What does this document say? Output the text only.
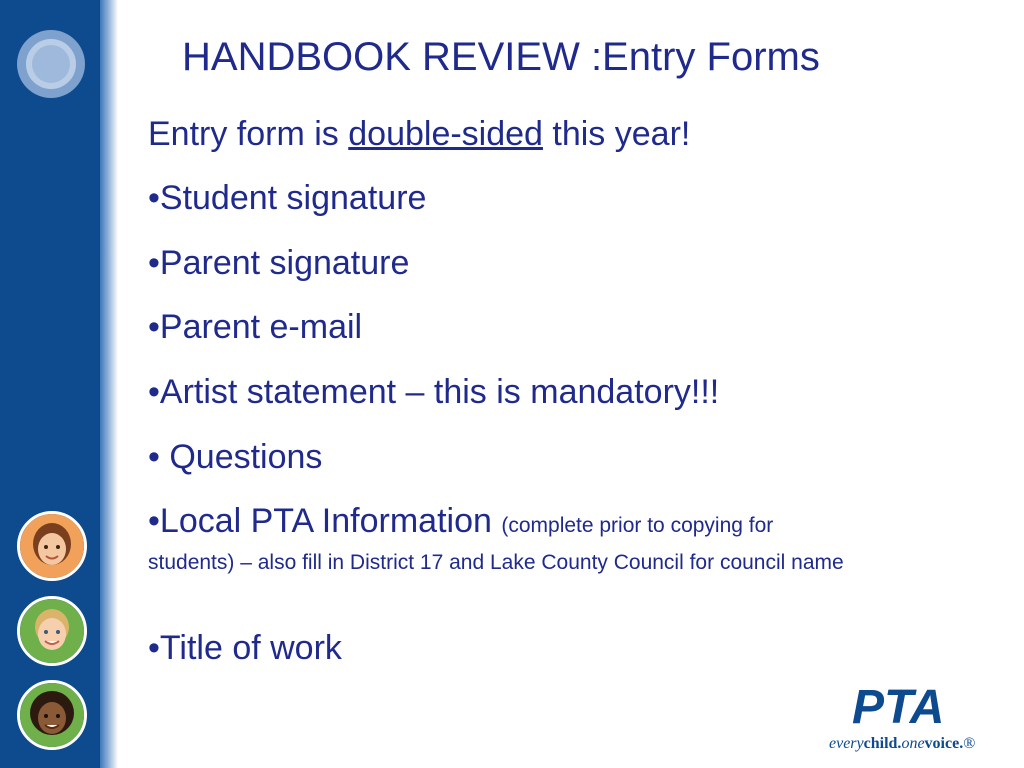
HANDBOOK REVIEW :Entry Forms
Entry form is double-sided this year!
•Student signature
•Parent signature
•Parent e-mail
•Artist statement – this is mandatory!!!
• Questions
•Local PTA Information (complete prior to copying for
students) – also fill in District 17 and Lake County Council for council name
•Title of work
PTA
everychild.onevoice.®
